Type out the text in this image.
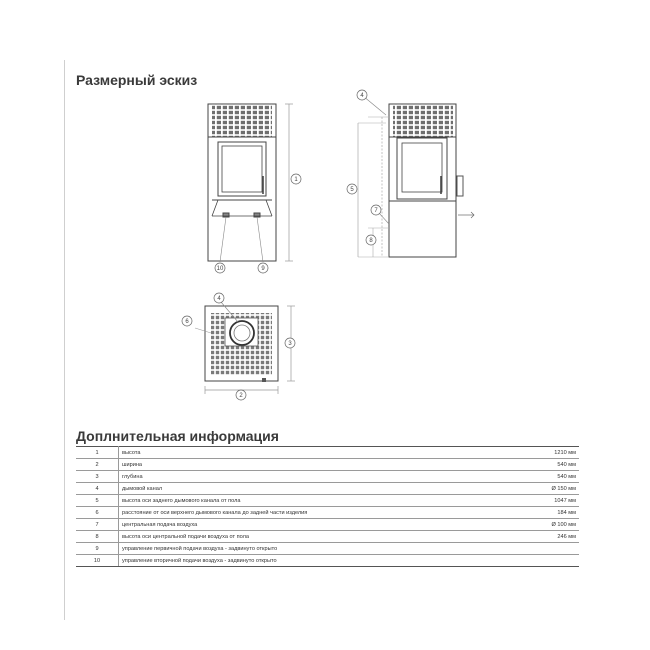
Размерный эскиз
1
10	9
4
5
7
8
4
6
3
2
Доплнительная информация
1	высота	1210 мм
2	ширина	540 мм
3	глубина	540 мм
4	дымовой канал	Ø 150 мм
5	высота оси заднего дымового канала от пола	1047 мм
6	расстояние от оси верхнего дымового канала до задней части изделия	184 мм
7	центральная подача воздуха	Ø 100 мм
8	высота оси центральной подачи воздуха от пола	246 мм
9	управление первичной подачи воздуха - задвинуто открыто	
10	управление вторичной подачи воздуха - задвинуто открыто	
